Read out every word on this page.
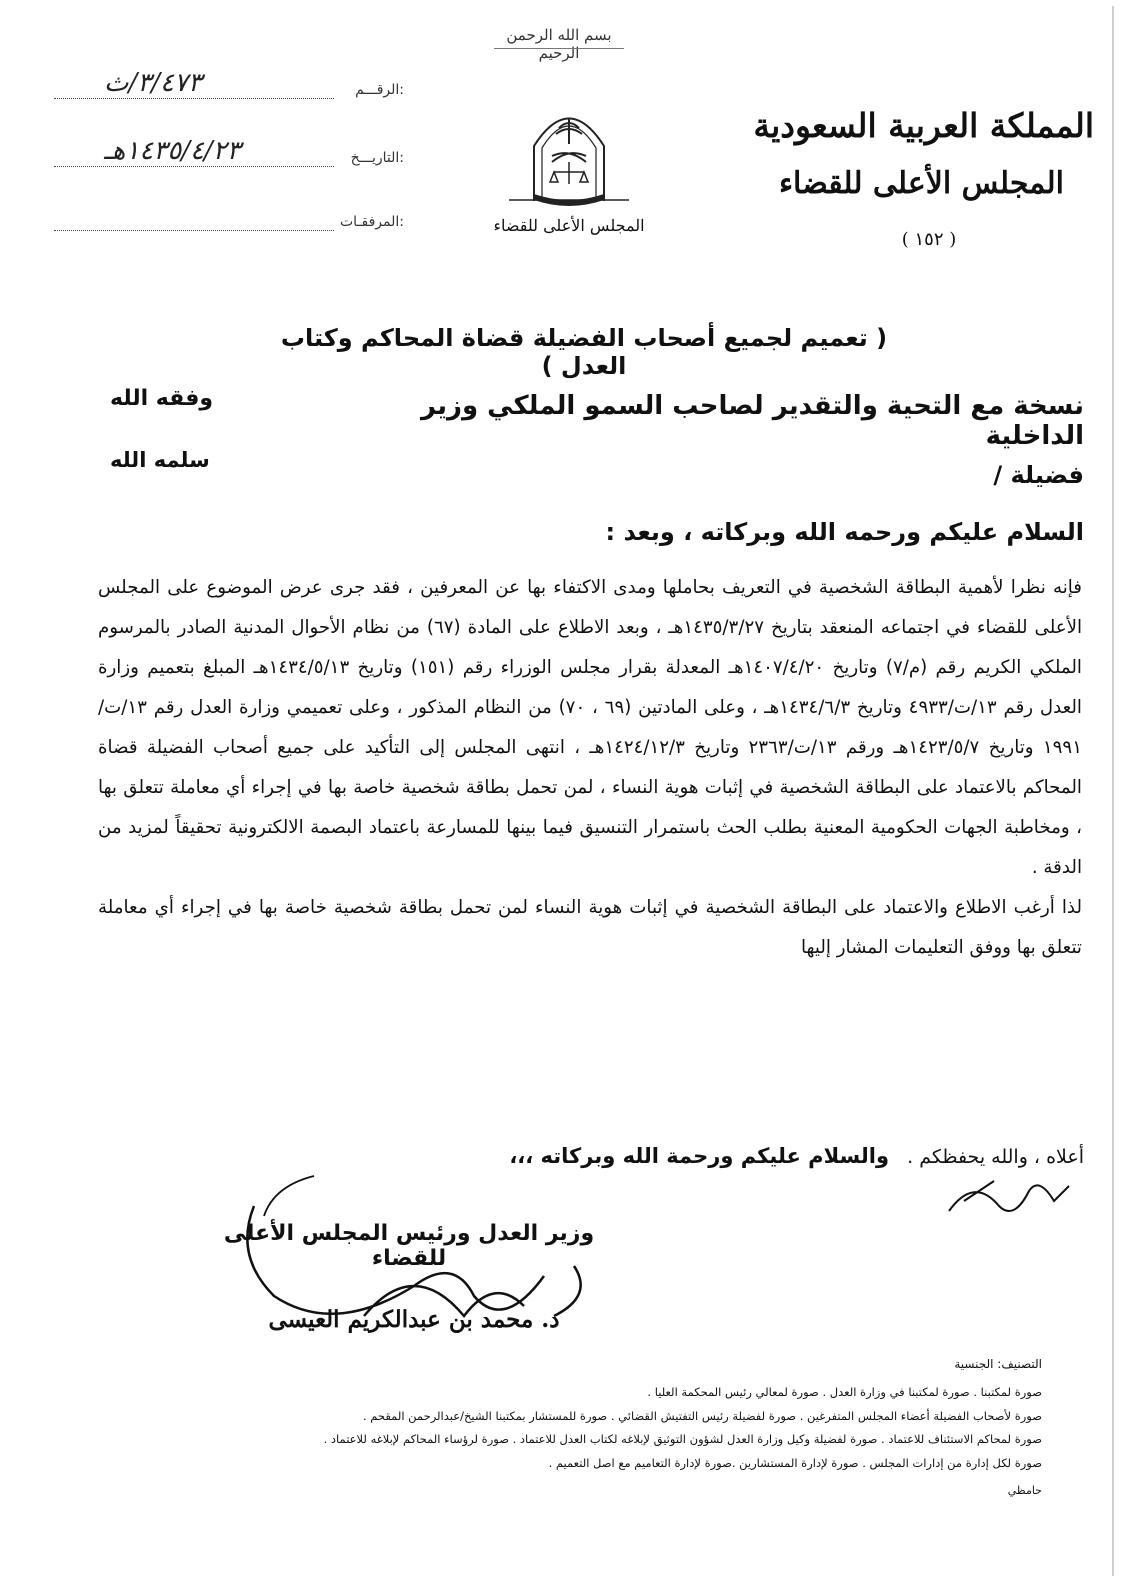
بسم الله الرحمن الرحيم
المملكة العربية السعودية
المجلس الأعلى للقضاء
( ١٥٢ )
المجلس الأعلى للقضاء
الرقـــم:
٣/٤٧٣/ث
التاريـــخ:
١٤٣٥/٤/٢٣هـ
المرفقـات:
( تعميم لجميع أصحاب الفضيلة قضاة المحاكم وكتاب العدل )
نسخة مع التحية والتقدير لصاحب السمو الملكي وزير الداخلية
وفقه الله
فضيلة /
سلمه الله
السلام عليكم ورحمه الله وبركاته ، وبعد :

فإنه نظرا لأهمية البطاقة الشخصية في التعريف بحاملها ومدى الاكتفاء بها عن المعرفين ، فقد جرى عرض الموضوع على المجلس الأعلى للقضاء في اجتماعه المنعقد بتاريخ ١٤٣٥/٣/٢٧هـ ، وبعد الاطلاع على المادة (٦٧) من نظام الأحوال المدنية الصادر بالمرسوم الملكي الكريم رقم (م/٧) وتاريخ ١٤٠٧/٤/٢٠هـ المعدلة بقرار مجلس الوزراء رقم (١٥١) وتاريخ ١٤٣٤/٥/١٣هـ المبلغ بتعميم وزارة العدل رقم ١٣/ت/٤٩٣٣ وتاريخ ١٤٣٤/٦/٣هـ ، وعلى المادتين (٦٩ ، ٧٠) من النظام المذكور ، وعلى تعميمي وزارة العدل رقم ١٣/ت/١٩٩١ وتاريخ ١٤٢٣/٥/٧هـ ورقم ١٣/ت/٢٣٦٣ وتاريخ ١٤٢٤/١٢/٣هـ ، انتهى المجلس إلى التأكيد على جميع أصحاب الفضيلة قضاة المحاكم بالاعتماد على البطاقة الشخصية في إثبات هوية النساء ، لمن تحمل بطاقة شخصية خاصة بها في إجراء أي معاملة تتعلق بها ، ومخاطبة الجهات الحكومية المعنية بطلب الحث باستمرار التنسيق فيما بينها للمسارعة باعتماد البصمة الالكترونية تحقيقاً لمزيد من الدقة .

لذا أرغب الاطلاع والاعتماد على البطاقة الشخصية في إثبات هوية النساء لمن تحمل بطاقة شخصية خاصة بها في إجراء أي معاملة تتعلق بها ووفق التعليمات المشار إليها

أعلاه ، والله يحفظكم .   والسلام عليكم ورحمة الله وبركاته ،،،
وزير العدل ورئيس المجلس الأعلى للقضاء
د. محمد بن عبدالكريم العيسى
التصنيف: الجنسية
صورة لمكتبنا . صورة لمكتبنا في وزارة العدل . صورة لمعالي رئيس المحكمة العليا .
صورة لأصحاب الفضيلة أعضاء المجلس المتفرغين . صورة لفضيلة رئيس التفتيش القضائي . صورة للمستشار بمكتبنا الشيخ/عبدالرحمن المقحم .
صورة لمحاكم الاستئناف للاعتماد . صورة لفضيلة وكيل وزارة العدل لشؤون التوثيق لإبلاغه لكتاب العدل للاعتماد . صورة لرؤساء المحاكم لإبلاغه للاعتماد .
صورة لكل إدارة من إدارات المجلس . صورة لإدارة المستشارين .صورة لإدارة التعاميم مع اصل التعميم .
حامظي
